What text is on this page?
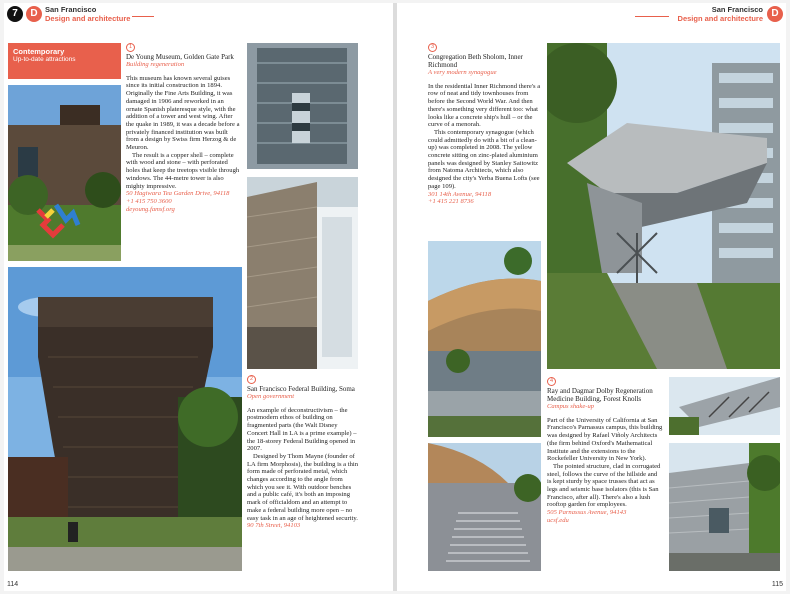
7	D San Francisco
Design and architecture
Contemporary
Up-to-date attractions
1
De Young Museum, Golden Gate Park
Building regeneration

This museum has known several guises since its initial construction in 1894. Originally the Fine Arts Building, it was damaged in 1906 and reworked in an ornate Spanish plateresque style, with the addition of a tower and west wing. After the quake in 1989, it was a decade before a privately financed institution was built from a design by Swiss firm Herzog & de Meuron.

The result is a copper shell – complete with wood and stone – with perforated holes that keep the treetops visible through windows. The 44-metre tower is also mighty impressive.

50 Hagiwara Tea Garden Drive, 94118
+1 415 750 3600
deyoung.famsf.org
2
San Francisco Federal Building, Soma
Open government

An example of deconstructivism – the postmodern ethos of building on fragmented parts (the Walt Disney Concert Hall in LA is a prime example) – the 18-storey Federal Building opened in 2007.

Designed by Thom Mayne (founder of LA firm Morphosis), the building is a thin form made of perforated metal, which changes according to the angle from which you see it. With outdoor benches and a public café, it's both an imposing mark of officialdom and an attempt to make a federal building more open – no easy task in an age of heightened security.

90 7th Street, 94103
114
San Francisco
Design and architecture D
3
Congregation Beth Sholom, Inner Richmond
A very modern synagogue

In the residential Inner Richmond there's a row of neat and tidy townhouses from before the Second World War. And then there's something very different too: what looks like a concrete ship's hull – or the curve of a menorah.

This contemporary synagogue (which could admittedly do with a bit of a clean-up) was completed in 2008. The yellow concrete sitting on zinc-plated aluminium panels was designed by Stanley Saitowitz from Natoma Architects, which also designed the city's Yerba Buena Lofts (see page 109).

301 14th Avenue, 94118
+1 415 221 8736
4
Ray and Dagmar Dolby Regeneration Medicine Building, Forest Knolls
Campus shake-up

Part of the University of California at San Francisco's Parnassus campus, this building was designed by Rafael Viñoly Architects (the firm behind Oxford's Mathematical Institute and the extensions to the Rockefeller University in New York).

The pointed structure, clad in corrugated steel, follows the curve of the hillside and is kept sturdy by space trusses that act as legs and seismic base isolators (this is San Francisco, after all). There's also a lush rooftop garden for employees.

505 Parnassus Avenue, 94143
ucsf.edu
115
